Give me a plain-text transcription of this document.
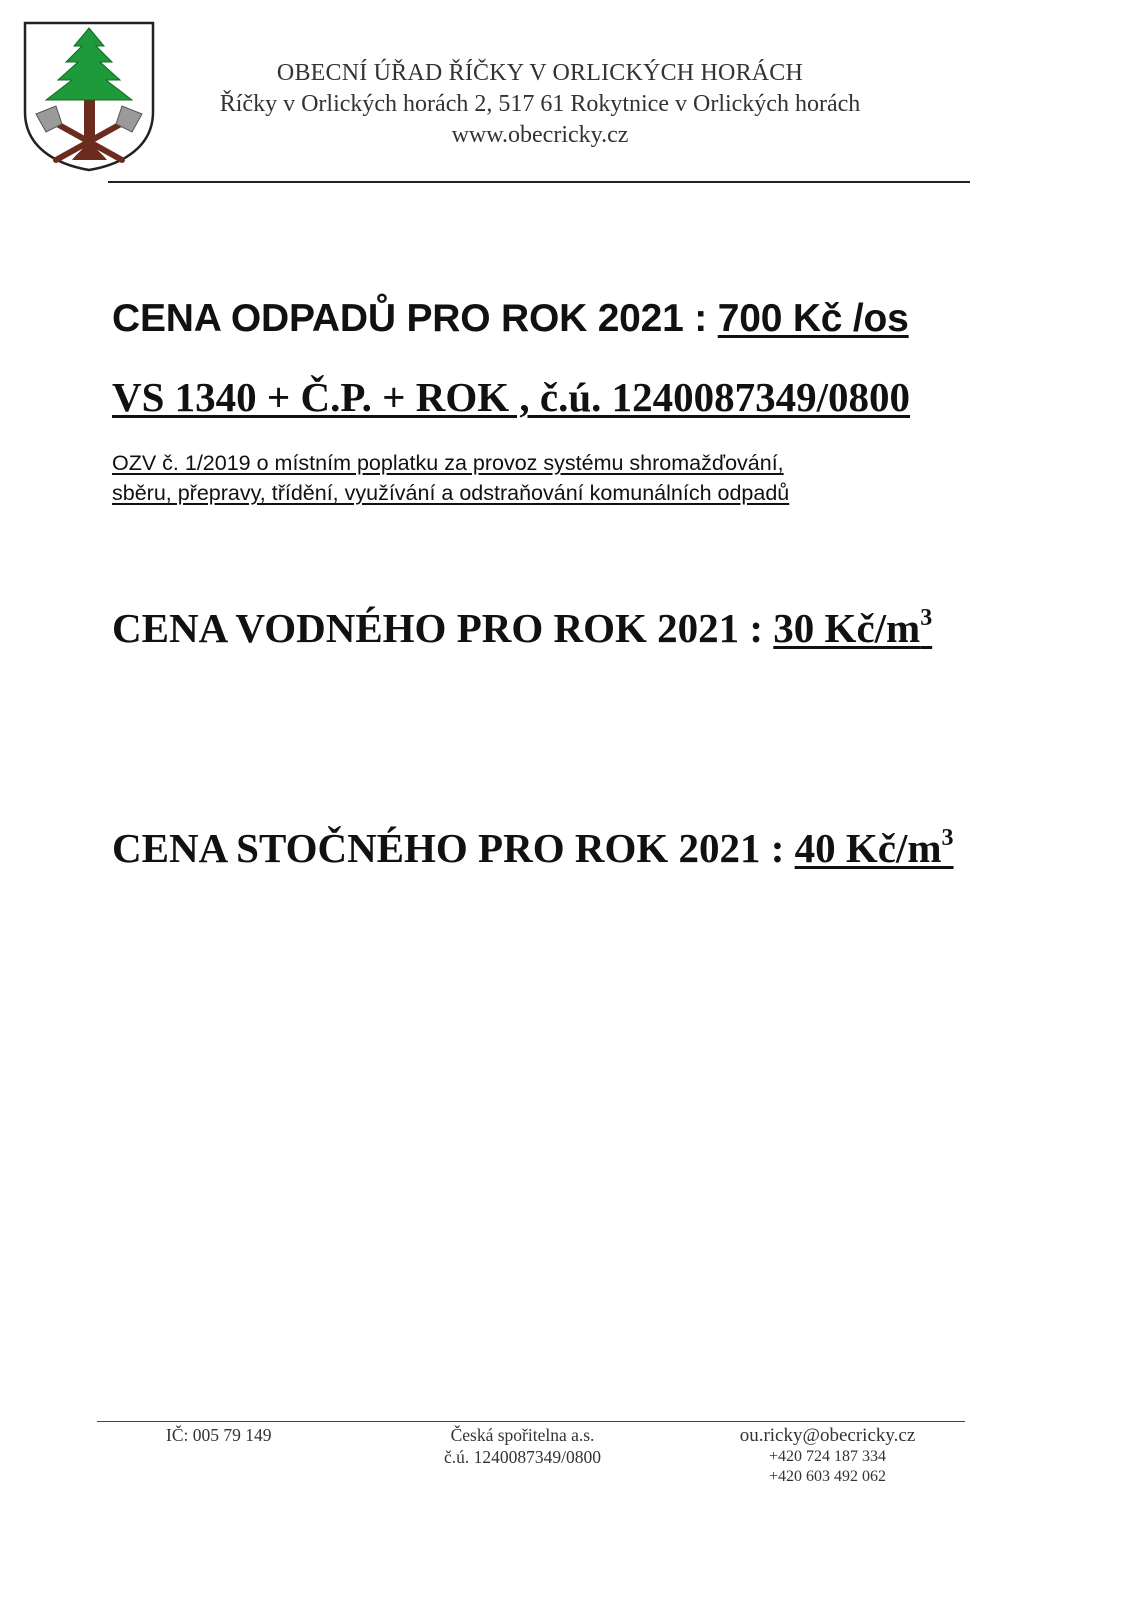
OBECNÍ ÚŘAD ŘÍČKY V ORLICKÝCH HORÁCH
Říčky v Orlických horách 2, 517 61 Rokytnice v Orlických horách
www.obecricky.cz
CENA ODPADŮ PRO ROK 2021 : 700 Kč /os
VS 1340 + Č.P. + ROK , č.ú. 1240087349/0800
OZV č. 1/2019 o místním poplatku za provoz systému shromažďování,
sběru, přepravy, třídění, využívání a odstraňování komunálních odpadů
CENA VODNÉHO PRO ROK 2021 : 30 $Kč/m^3$
CENA STOČNÉHO PRO ROK 2021 : 40 $Kč/m^3$
IČ: 005 79 149	Česká spořitelna a.s.
č.ú. 1240087349/0800
ou.ricky@obecricky.cz
+420 724 187 334
+420 603 492 062
